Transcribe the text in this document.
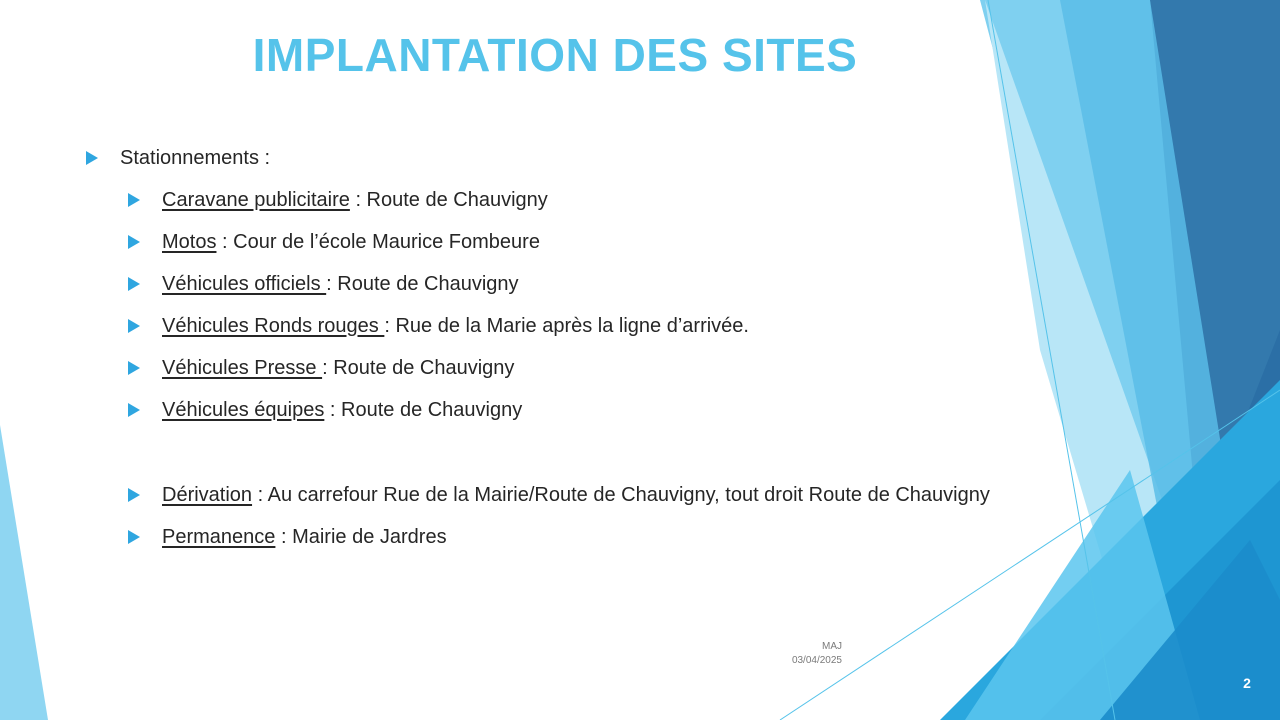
IMPLANTATION DES SITES
Stationnements :
Caravane publicitaire : Route de Chauvigny
Motos : Cour de l’école Maurice Fombeure
Véhicules officiels : Route de Chauvigny
Véhicules Ronds rouges : Rue de la Marie après la ligne d’arrivée.
Véhicules Presse : Route de Chauvigny
Véhicules équipes : Route de Chauvigny
Dérivation : Au carrefour Rue de la Mairie/Route de Chauvigny, tout droit Route de Chauvigny
Permanence : Mairie de Jardres
MAJ
03/04/2025
2
